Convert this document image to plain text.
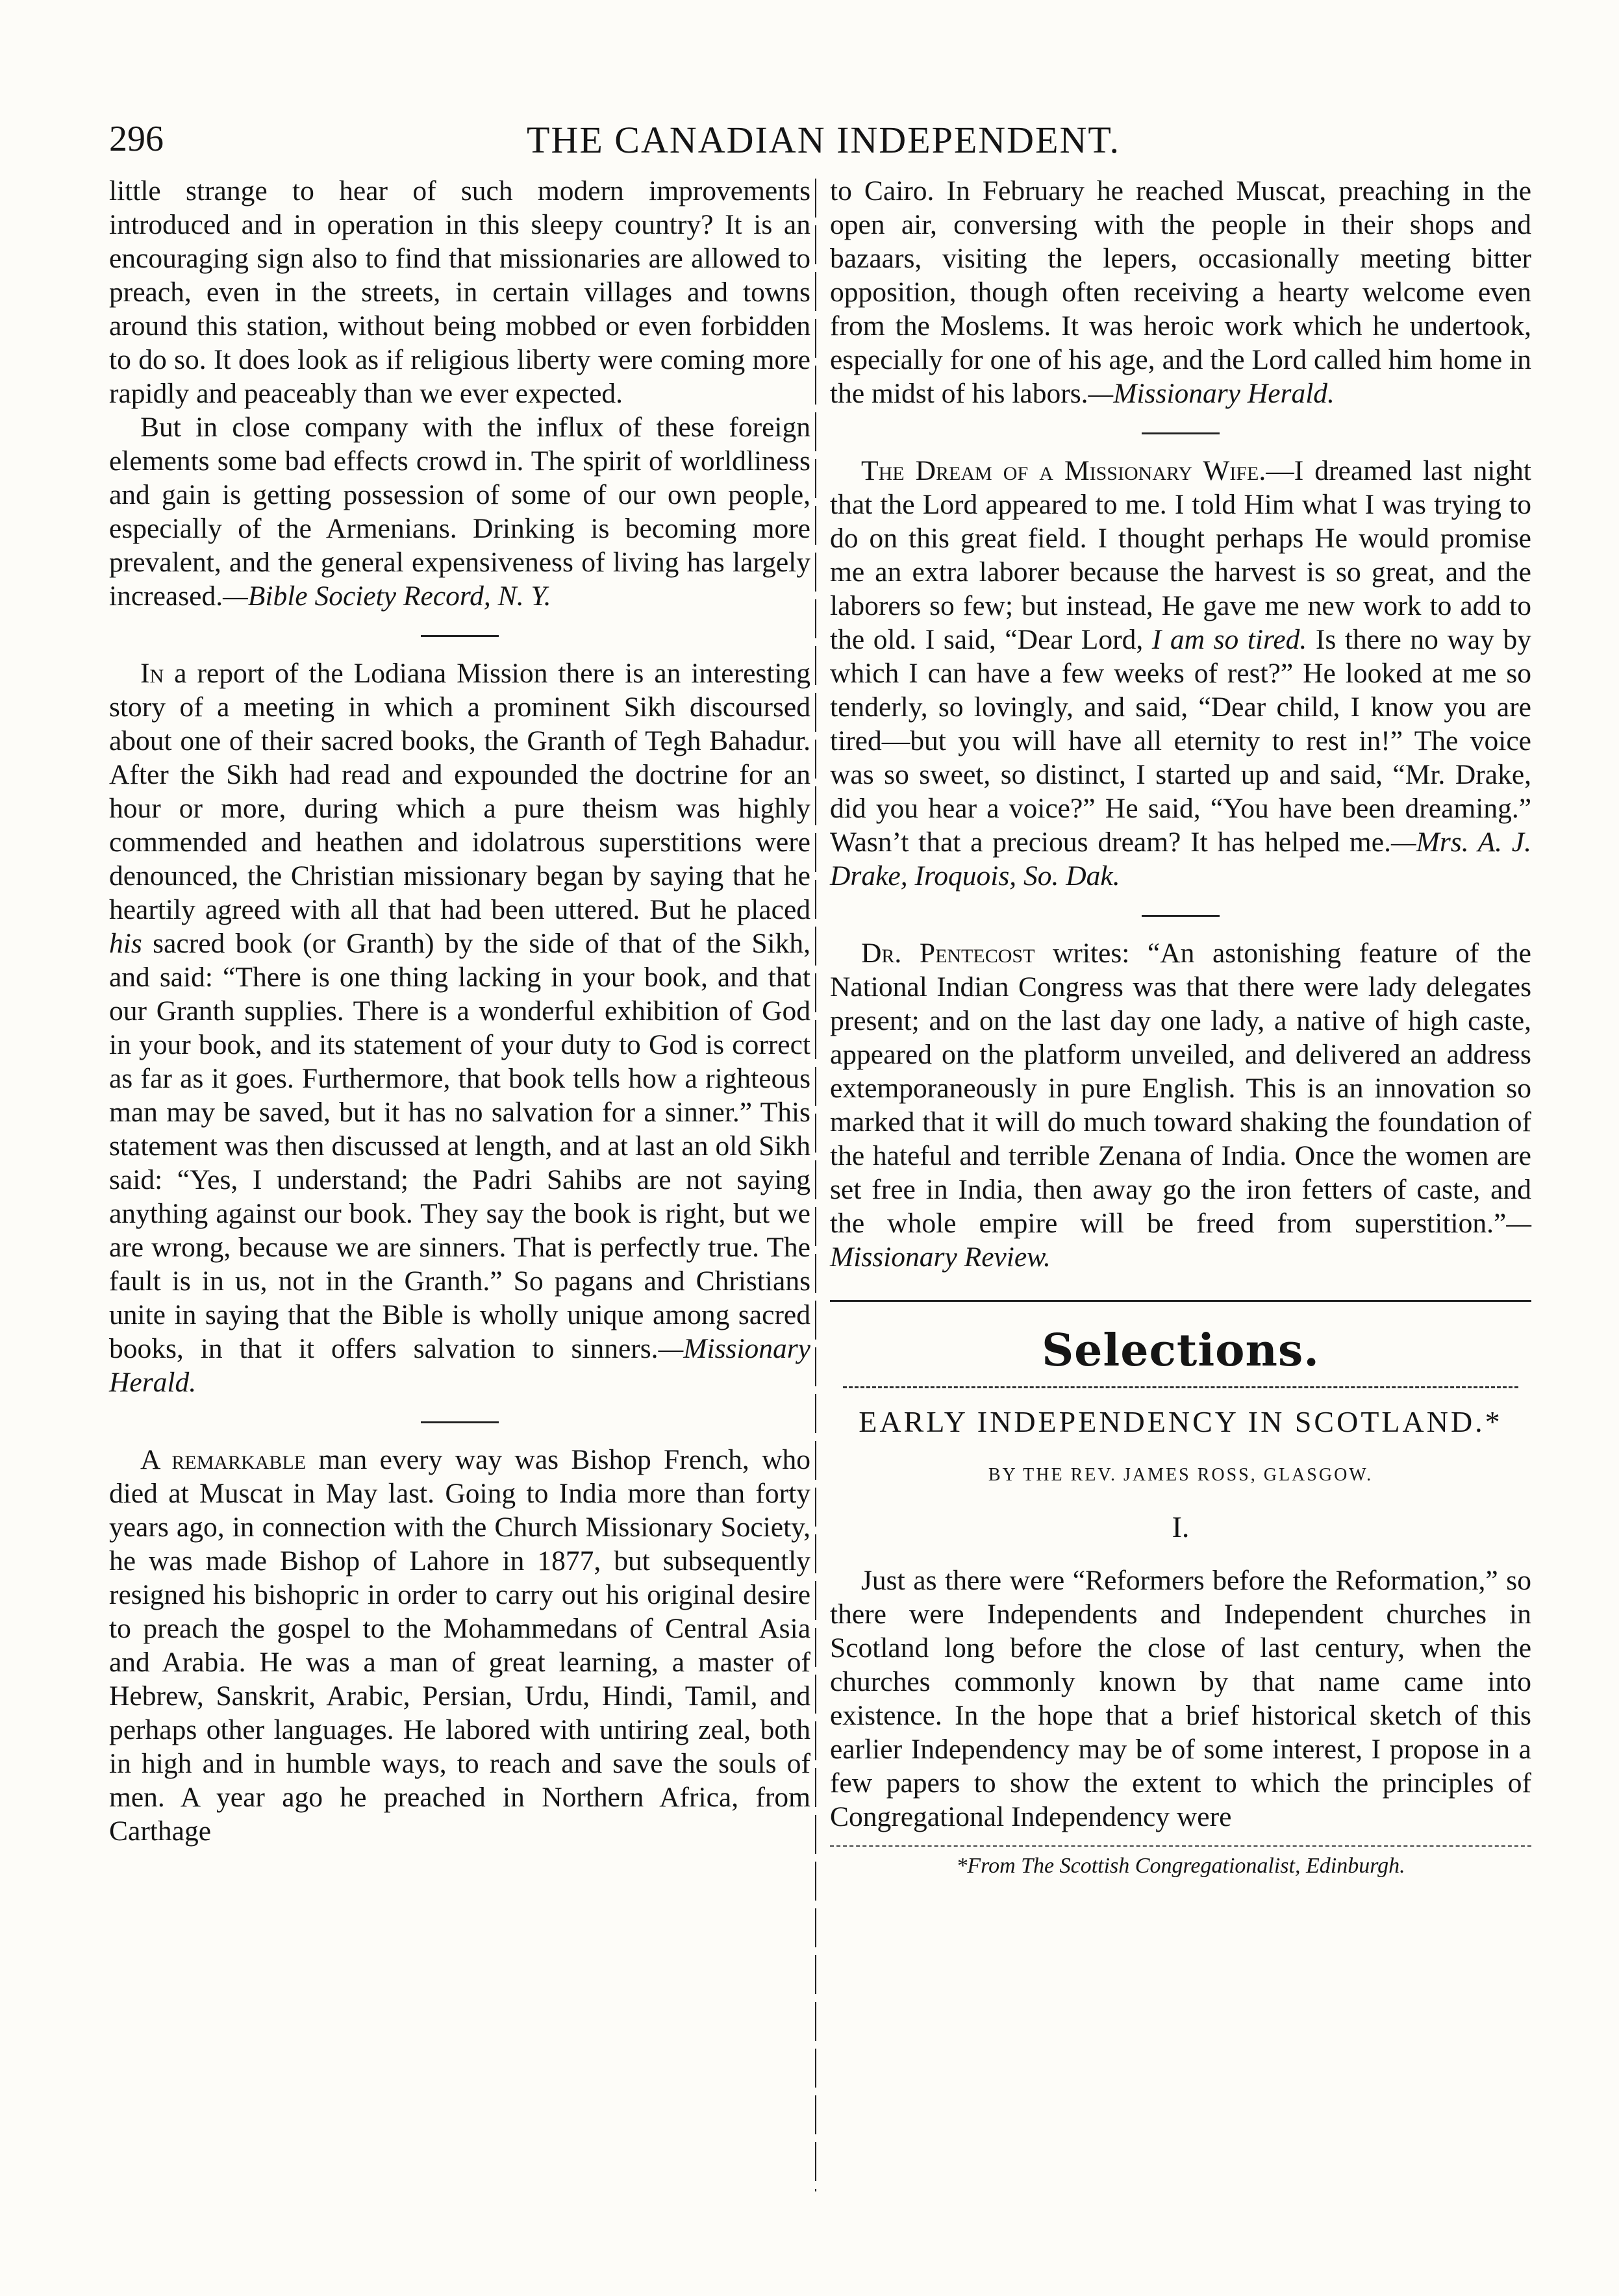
296	THE CANADIAN INDEPENDENT.

little strange to hear of such modern improvements introduced and in operation in this sleepy country? It is an encouraging sign also to find that missionaries are allowed to preach, even in the streets, in certain villages and towns around this station, without being mobbed or even forbidden to do so. It does look as if religious liberty were coming more rapidly and peaceably than we ever expected.

But in close company with the influx of these foreign elements some bad effects crowd in. The spirit of worldliness and gain is getting possession of some of our own people, especially of the Armenians. Drinking is becoming more prevalent, and the general expensiveness of living has largely increased.—Bible Society Record, N. Y.

In a report of the Lodiana Mission there is an interesting story of a meeting in which a prominent Sikh discoursed about one of their sacred books, the Granth of Tegh Bahadur. After the Sikh had read and expounded the doctrine for an hour or more, during which a pure theism was highly commended and heathen and idolatrous superstitions were denounced, the Christian missionary began by saying that he heartily agreed with all that had been uttered. But he placed his sacred book (or Granth) by the side of that of the Sikh, and said: “There is one thing lacking in your book, and that our Granth supplies. There is a wonderful exhibition of God in your book, and its statement of your duty to God is correct as far as it goes. Furthermore, that book tells how a righteous man may be saved, but it has no salvation for a sinner.” This statement was then discussed at length, and at last an old Sikh said: “Yes, I understand; the Padri Sahibs are not saying anything against our book. They say the book is right, but we are wrong, because we are sinners. That is perfectly true. The fault is in us, not in the Granth.” So pagans and Christians unite in saying that the Bible is wholly unique among sacred books, in that it offers salvation to sinners.—Missionary Herald.

A remarkable man every way was Bishop French, who died at Muscat in May last. Going to India more than forty years ago, in connection with the Church Missionary Society, he was made Bishop of Lahore in 1877, but subsequently resigned his bishopric in order to carry out his original desire to preach the gospel to the Mohammedans of Central Asia and Arabia. He was a man of great learning, a master of Hebrew, Sanskrit, Arabic, Persian, Urdu, Hindi, Tamil, and perhaps other languages. He labored with untiring zeal, both in high and in humble ways, to reach and save the souls of men. A year ago he preached in Northern Africa, from Carthage

to Cairo. In February he reached Muscat, preaching in the open air, conversing with the people in their shops and bazaars, visiting the lepers, occasionally meeting bitter opposition, though often receiving a hearty welcome even from the Moslems. It was heroic work which he undertook, especially for one of his age, and the Lord called him home in the midst of his labors.—Missionary Herald.

The Dream of a Missionary Wife.—I dreamed last night that the Lord appeared to me. I told Him what I was trying to do on this great field. I thought perhaps He would promise me an extra laborer because the harvest is so great, and the laborers so few; but instead, He gave me new work to add to the old. I said, “Dear Lord, I am so tired. Is there no way by which I can have a few weeks of rest?” He looked at me so tenderly, so lovingly, and said, “Dear child, I know you are tired—but you will have all eternity to rest in!” The voice was so sweet, so distinct, I started up and said, “Mr. Drake, did you hear a voice?” He said, “You have been dreaming.” Wasn’t that a precious dream? It has helped me.—Mrs. A. J. Drake, Iroquois, So. Dak.

Dr. Pentecost writes: “An astonishing feature of the National Indian Congress was that there were lady delegates present; and on the last day one lady, a native of high caste, appeared on the platform unveiled, and delivered an address extemporaneously in pure English. This is an innovation so marked that it will do much toward shaking the foundation of the hateful and terrible Zenana of India. Once the women are set free in India, then away go the iron fetters of caste, and the whole empire will be freed from superstition.”—Missionary Review.

Selections.
EARLY INDEPENDENCY IN SCOTLAND.*
BY THE REV. JAMES ROSS, GLASGOW.
I.

Just as there were “Reformers before the Reformation,” so there were Independents and Independent churches in Scotland long before the close of last century, when the churches commonly known by that name came into existence. In the hope that a brief historical sketch of this earlier Independency may be of some interest, I propose in a few papers to show the extent to which the principles of Congregational Independency were

*From The Scottish Congregationalist, Edinburgh.
